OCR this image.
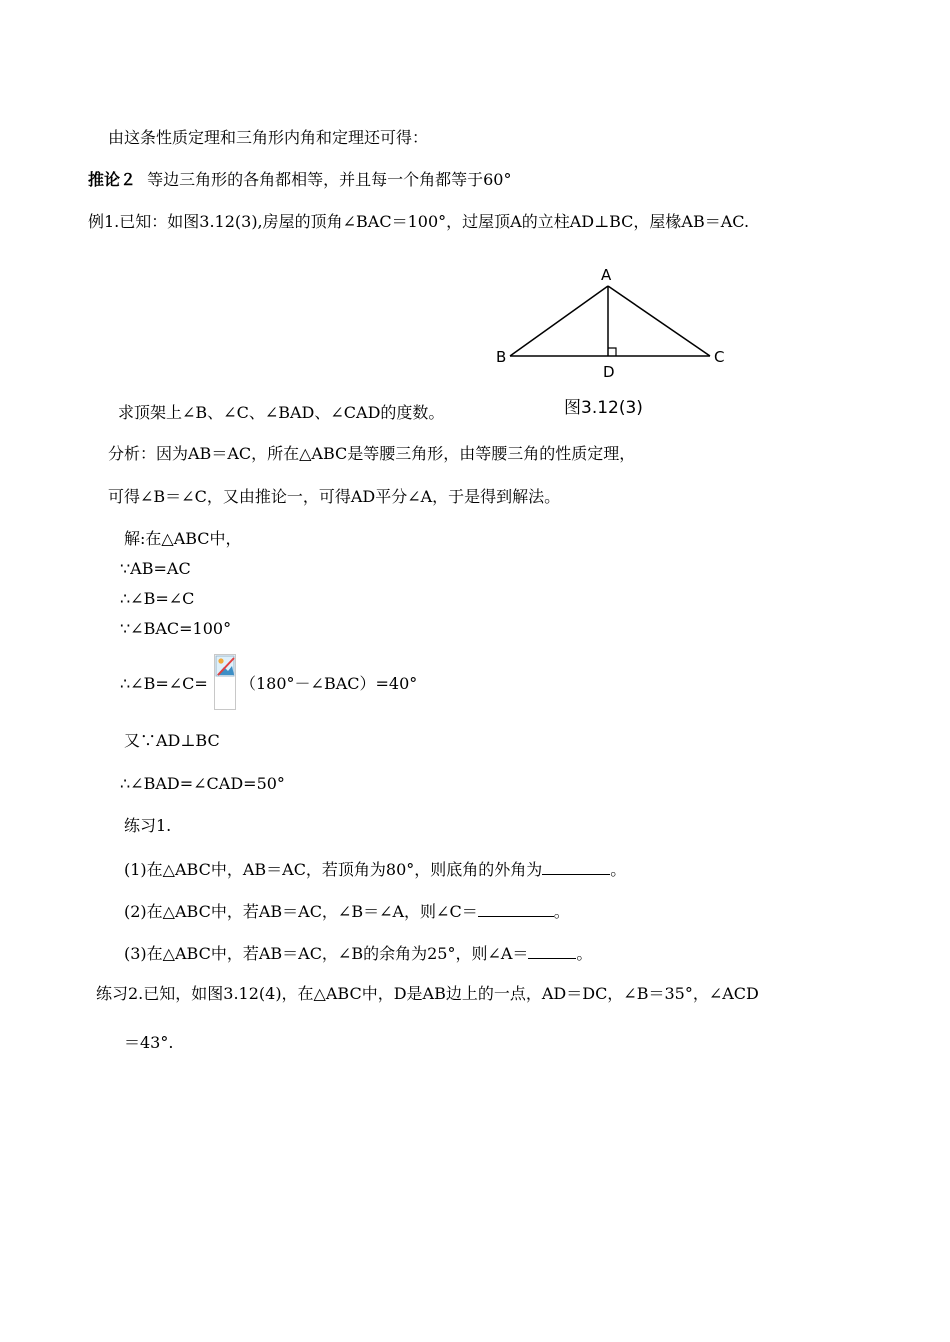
由这条性质定理和三角形内角和定理还可得：
推论２ 等边三角形的各角都相等，并且每一个角都等于60°
例1.已知：如图3.12(3),房屋的顶角∠BAC＝100°，过屋顶A的立柱AD⊥BC，屋椽AB＝AC.
A
B	C
D
图3.12(3)
求顶架上∠B、∠C、∠BAD、∠CAD的度数。
分析：因为AB＝AC，所在△ABC是等腰三角形，由等腰三角的性质定理，
可得∠B＝∠C，又由推论一，可得AD平分∠A，于是得到解法。
解:在△ABC中，
∵AB=AC
∴∠B=∠C
∵∠BAC=100°
∴∠B=∠C= （180°－∠BAC）=40°
又∵AD⊥BC
∴∠BAD=∠CAD=50°
练习1.
(1)在△ABC中，AB＝AC，若顶角为80°，则底角的外角为	。
(2)在△ABC中，若AB＝AC，∠B＝∠A，则∠C＝	。
(3)在△ABC中，若AB＝AC，∠B的余角为25°，则∠A＝	。
练习2.已知，如图3.12(4)，在△ABC中，D是AB边上的一点，AD＝DC，∠B＝35°，∠ACD
＝43°.
